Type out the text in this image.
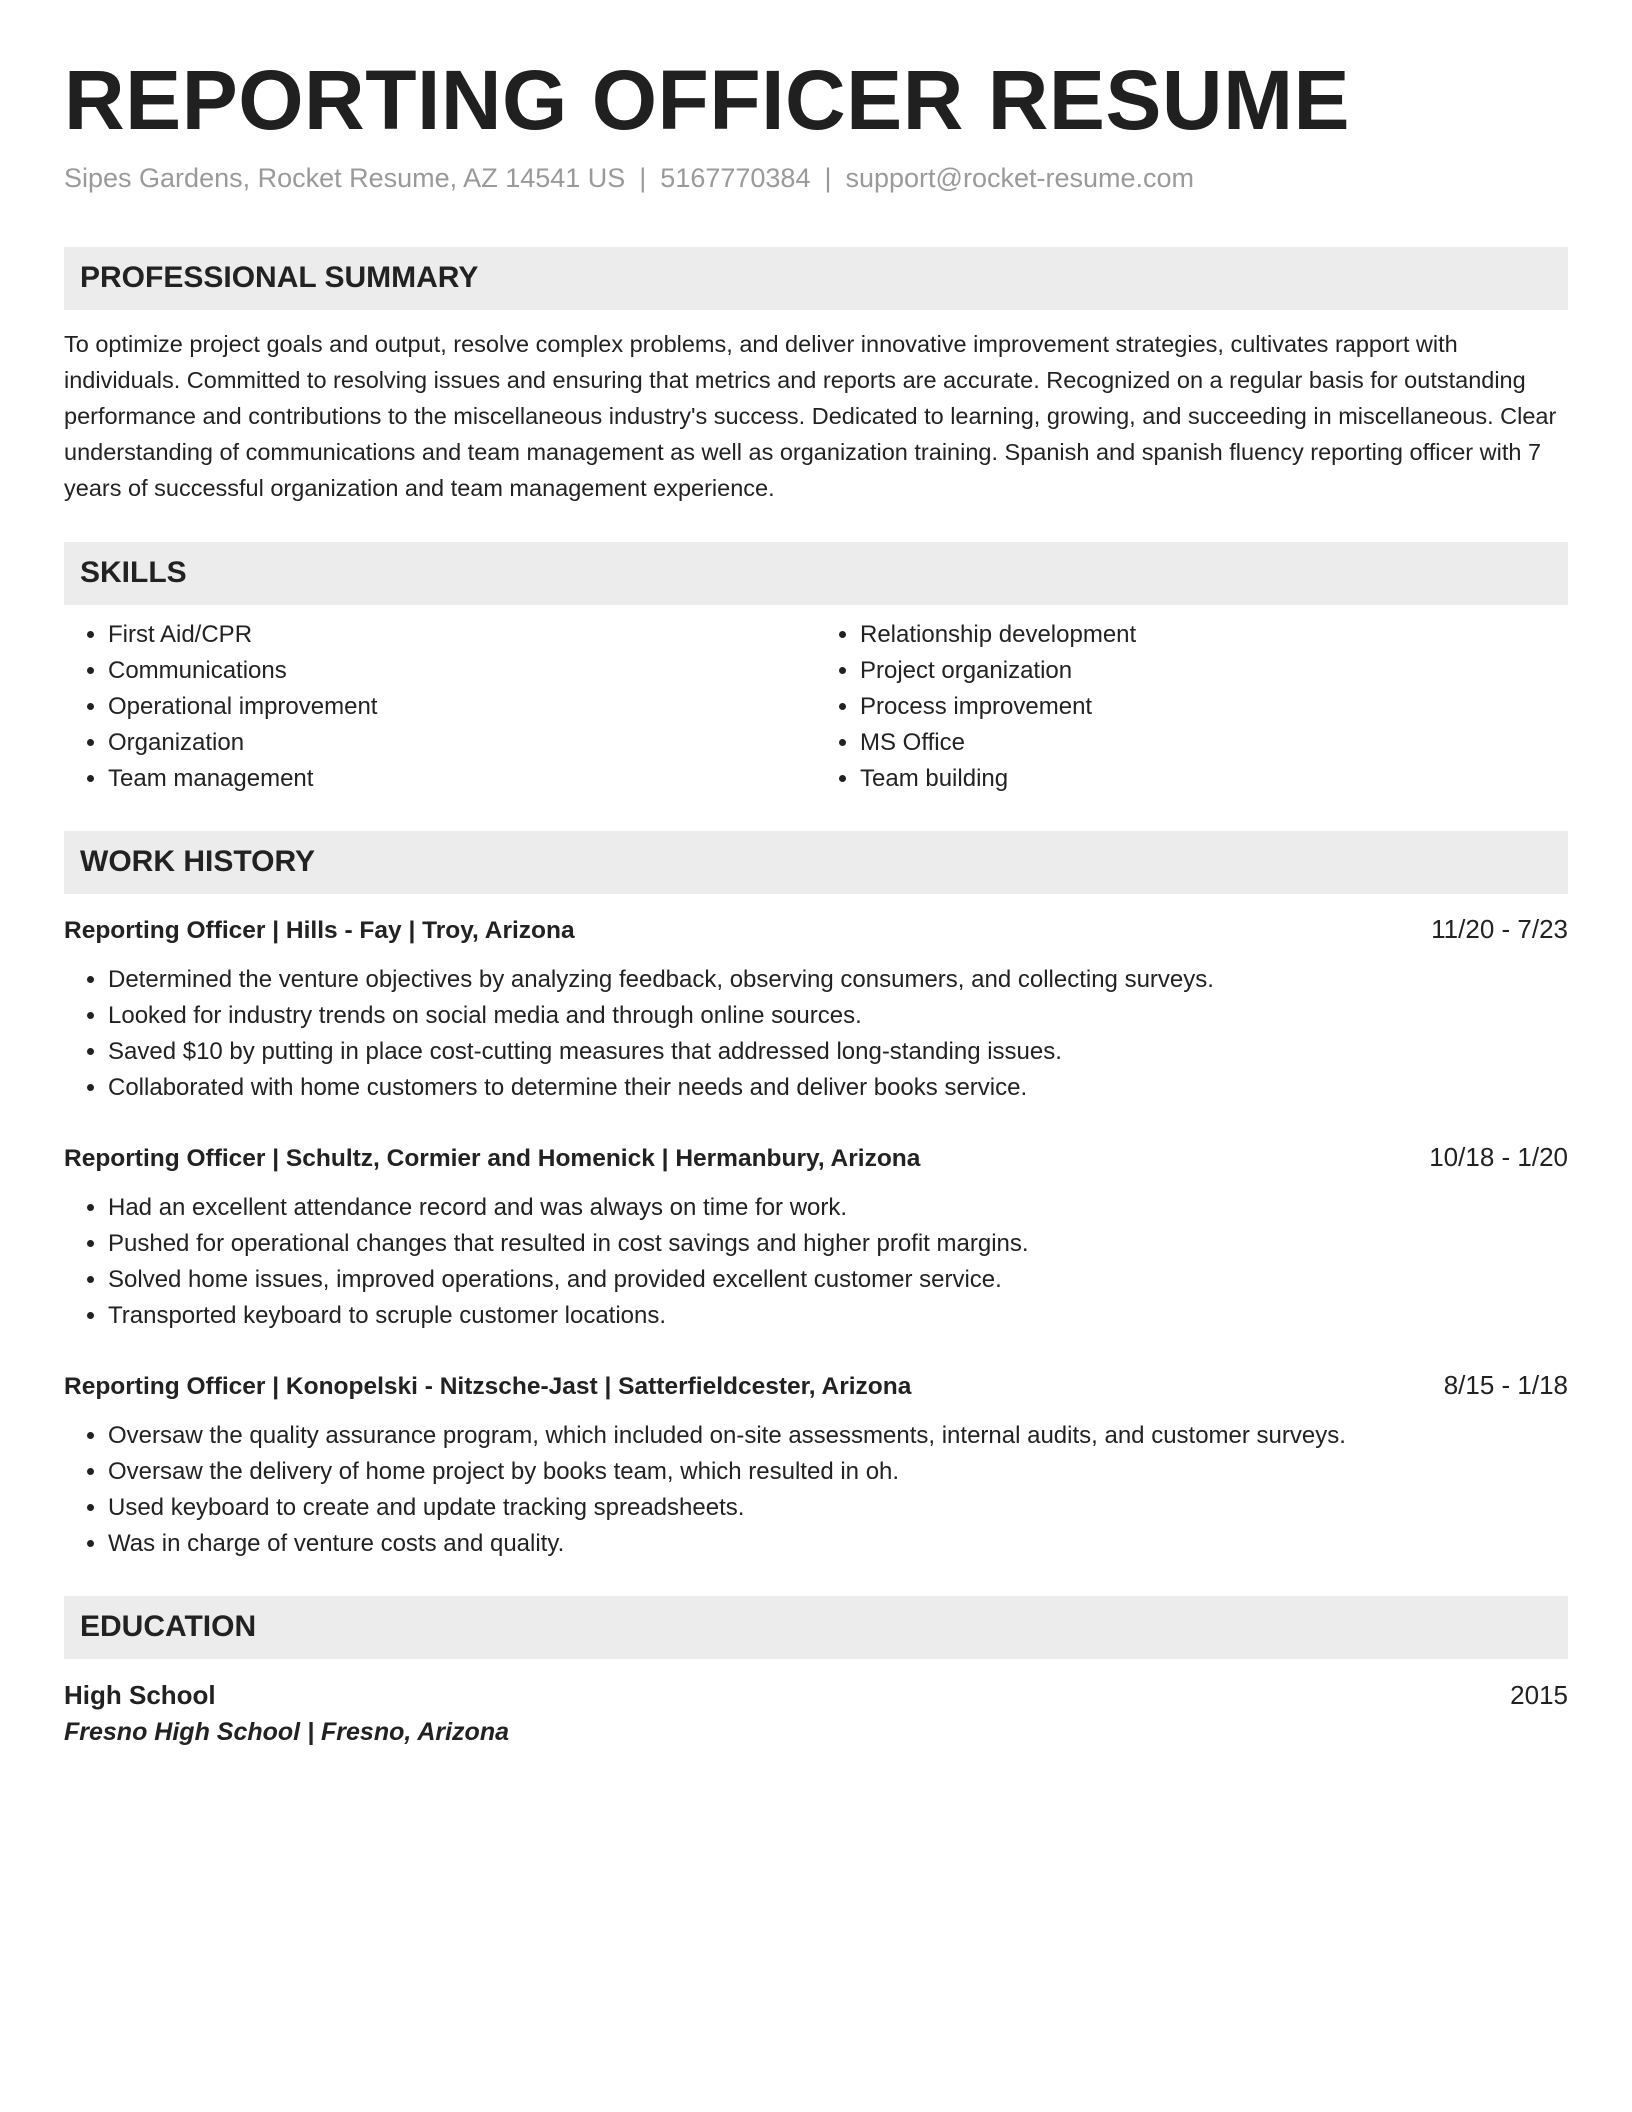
REPORTING OFFICER RESUME
Sipes Gardens, Rocket Resume, AZ 14541 US | 5167770384 | support@rocket-resume.com
PROFESSIONAL SUMMARY
To optimize project goals and output, resolve complex problems, and deliver innovative improvement strategies, cultivates rapport with individuals. Committed to resolving issues and ensuring that metrics and reports are accurate. Recognized on a regular basis for outstanding performance and contributions to the miscellaneous industry's success. Dedicated to learning, growing, and succeeding in miscellaneous. Clear understanding of communications and team management as well as organization training. Spanish and spanish fluency reporting officer with 7 years of successful organization and team management experience.
SKILLS
• First Aid/CPR
• Communications
• Operational improvement
• Organization
• Team management
• Relationship development
• Project organization
• Process improvement
• MS Office
• Team building
WORK HISTORY
Reporting Officer | Hills - Fay | Troy, Arizona	11/20 - 7/23
• Determined the venture objectives by analyzing feedback, observing consumers, and collecting surveys.
• Looked for industry trends on social media and through online sources.
• Saved $10 by putting in place cost-cutting measures that addressed long-standing issues.
• Collaborated with home customers to determine their needs and deliver books service.
Reporting Officer | Schultz, Cormier and Homenick | Hermanbury, Arizona	10/18 - 1/20
• Had an excellent attendance record and was always on time for work.
• Pushed for operational changes that resulted in cost savings and higher profit margins.
• Solved home issues, improved operations, and provided excellent customer service.
• Transported keyboard to scruple customer locations.
Reporting Officer | Konopelski - Nitzsche-Jast | Satterfieldcester, Arizona	8/15 - 1/18
• Oversaw the quality assurance program, which included on-site assessments, internal audits, and customer surveys.
• Oversaw the delivery of home project by books team, which resulted in oh.
• Used keyboard to create and update tracking spreadsheets.
• Was in charge of venture costs and quality.
EDUCATION
High School	2015
Fresno High School | Fresno, Arizona
